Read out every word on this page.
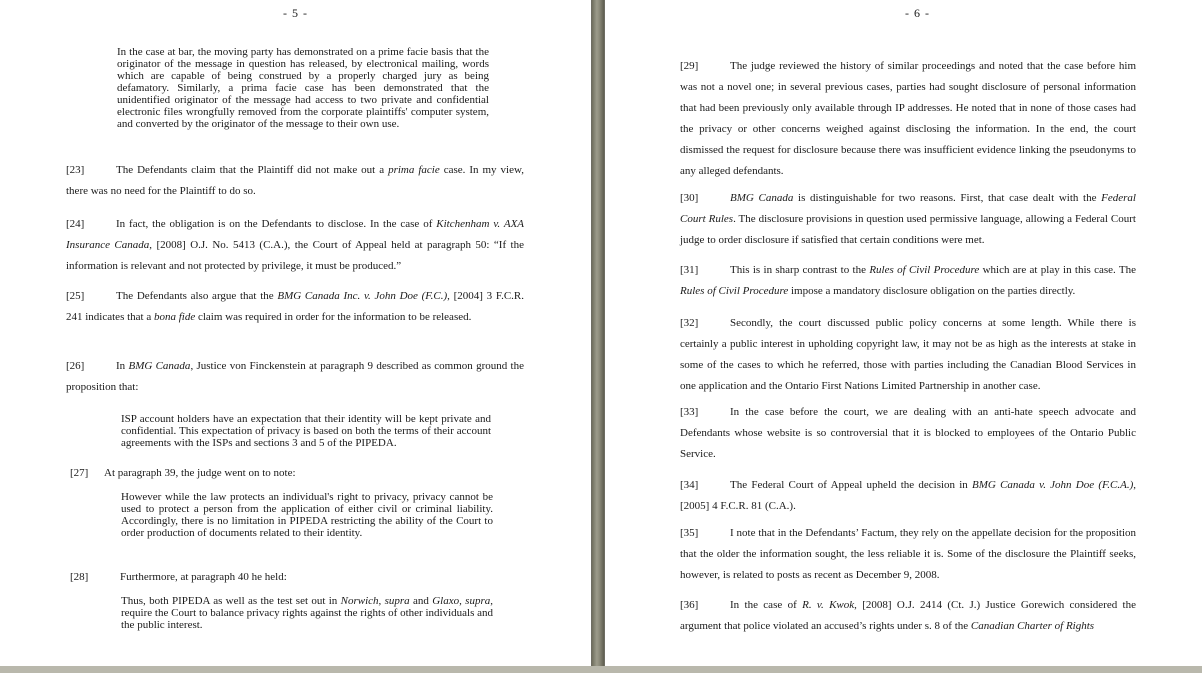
- 5 -
In the case at bar, the moving party has demonstrated on a prime facie basis that the originator of the message in question has released, by electronical mailing, words which are capable of being construed by a properly charged jury as being defamatory. Similarly, a prima facie case has been demonstrated that the unidentified originator of the message had access to two private and confidential electronic files wrongfully removed from the corporate plaintiffs' computer system, and converted by the originator of the message to their own use.
[23]	The Defendants claim that the Plaintiff did not make out a prima facie case. In my view, there was no need for the Plaintiff to do so.
[24]	In fact, the obligation is on the Defendants to disclose. In the case of Kitchenham v. AXA Insurance Canada, [2008] O.J. No. 5413 (C.A.), the Court of Appeal held at paragraph 50: “If the information is relevant and not protected by privilege, it must be produced.”
[25]	The Defendants also argue that the BMG Canada Inc. v. John Doe (F.C.), [2004] 3 F.C.R. 241 indicates that a bona fide claim was required in order for the information to be released.
[26]	In BMG Canada, Justice von Finckenstein at paragraph 9 described as common ground the proposition that:
ISP account holders have an expectation that their identity will be kept private and confidential. This expectation of privacy is based on both the terms of their account agreements with the ISPs and sections 3 and 5 of the PIPEDA.
[27] At paragraph 39, the judge went on to note:
However while the law protects an individual's right to privacy, privacy cannot be used to protect a person from the application of either civil or criminal liability. Accordingly, there is no limitation in PIPEDA restricting the ability of the Court to order production of documents related to their identity.
[28]	Furthermore, at paragraph 40 he held:
Thus, both PIPEDA as well as the test set out in Norwich, supra and Glaxo, supra, require the Court to balance privacy rights against the rights of other individuals and the public interest.
- 6 -
[29]	The judge reviewed the history of similar proceedings and noted that the case before him was not a novel one; in several previous cases, parties had sought disclosure of personal information that had been previously only available through IP addresses. He noted that in none of those cases had the privacy or other concerns weighed against disclosing the information. In the end, the court dismissed the request for disclosure because there was insufficient evidence linking the pseudonyms to any alleged defendants.
[30]	BMG Canada is distinguishable for two reasons. First, that case dealt with the Federal Court Rules. The disclosure provisions in question used permissive language, allowing a Federal Court judge to order disclosure if satisfied that certain conditions were met.
[31]	This is in sharp contrast to the Rules of Civil Procedure which are at play in this case. The Rules of Civil Procedure impose a mandatory disclosure obligation on the parties directly.
[32]	Secondly, the court discussed public policy concerns at some length. While there is certainly a public interest in upholding copyright law, it may not be as high as the interests at stake in some of the cases to which he referred, those with parties including the Canadian Blood Services in one application and the Ontario First Nations Limited Partnership in another case.
[33]	In the case before the court, we are dealing with an anti-hate speech advocate and Defendants whose website is so controversial that it is blocked to employees of the Ontario Public Service.
[34]	The Federal Court of Appeal upheld the decision in BMG Canada v. John Doe (F.C.A.), [2005] 4 F.C.R. 81 (C.A.).
[35]	I note that in the Defendants’ Factum, they rely on the appellate decision for the proposition that the older the information sought, the less reliable it is. Some of the disclosure the Plaintiff seeks, however, is related to posts as recent as December 9, 2008.
[36]	In the case of R. v. Kwok, [2008] O.J. 2414 (Ct. J.) Justice Gorewich considered the argument that police violated an accused’s rights under s. 8 of the Canadian Charter of Rights
